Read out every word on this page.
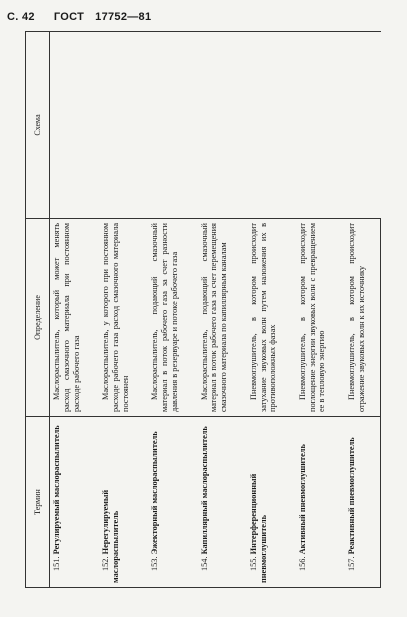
С. 42 ГОСТ 17752—81
Термин	Определение	Схема

151. Регулируемый маслораспылитель	Маслораспылитель, который может менять расход смазочного материала при постоянном расходе рабочего газа	

152. Нерегулируемый маслораспылитель	Маслораспылитель, у которого при постоянном расходе рабочего газа расход смазочного материала постоянен	

153. Эжекторный маслораспылитель	Маслораспылитель, подающий смазочный материал в поток рабочего газа за счет разности давления в резервуаре и потоке рабочего газа	

154. Капиллярный маслораспылитель	Маслораспылитель, подающий смазочный материал в поток рабочего газа за счет перемещения смазочного материала по капиллярным каналам	

155. Интерференционный пневмоглушитель	Пневмоглушитель, в котором происходит затухание звуковых волн путем наложения их в противоположных фазах	

156. Активный пневмоглушитель	Пневмоглушитель, в котором происходит поглощение энергии звуковых волн с превращением ее в тепловую энергию	

157. Реактивный пневмоглушитель	Пневмоглушитель, в котором происходит отражение звуковых волн к их источнику	
